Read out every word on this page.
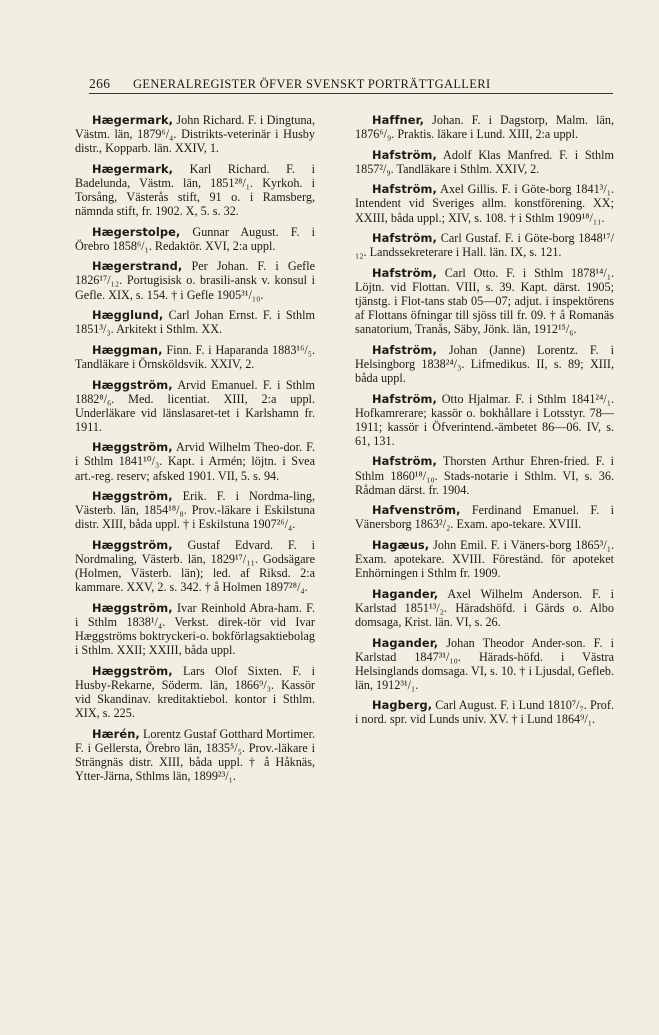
266 GENERALREGISTER ÖFVER SVENSKT PORTRÄTTGALLERI

Hægermark, John Richard. F. i Dingtuna, Västm. län, 1879⁶/₄. Distrikts-veterinär i Husby distr., Kopparb. län. XXIV, 1.

Hægermark, Karl Richard. F. i Badelunda, Västm. län, 1851²⁸/₁. Kyrkoh. i Torsång, Västerås stift, 91 o. i Ramsberg, nämnda stift, fr. 1902. X, 5. s. 32.

Hægerstolpe, Gunnar August. F. i Örebro 1858⁶/₁. Redaktör. XVI, 2:a uppl.

Hægerstrand, Per Johan. F. i Gefle 1826¹⁷/₁₂. Portugisisk o. brasili-ansk v. konsul i Gefle. XIX, s. 154. † i Gefle 1905³¹/₁₀.

Hægglund, Carl Johan Ernst. F. i Sthlm 1851³/₃. Arkitekt i Sthlm. XX.

Hæggman, Finn. F. i Haparanda 1883¹⁶/₅. Tandläkare i Örnsköldsvik. XXIV, 2.

Hæggström, Arvid Emanuel. F. i Sthlm 1882⁸/₆. Med. licentiat. XIII, 2:a uppl. Underläkare vid länslasaret-tet i Karlshamn fr. 1911.

Hæggström, Arvid Wilhelm Theo-dor. F. i Sthlm 1841¹⁰/₃. Kapt. i Armén; löjtn. i Svea art.-reg. reserv; afsked 1901. VII, 5. s. 94.

Hæggström, Erik. F. i Nordma-ling, Västerb. län, 1854¹⁸/₈. Prov.-läkare i Eskilstuna distr. XIII, båda uppl. † i Eskilstuna 1907²⁶/₄.

Hæggström, Gustaf Edvard. F. i Nordmaling, Västerb. län, 1829¹⁷/₁₁. Godsägare (Holmen, Västerb. län); led. af Riksd. 2:a kammare. XXV, 2. s. 342. † å Holmen 1897²⁸/₄.

Hæggström, Ivar Reinhold Abra-ham. F. i Sthlm 1838¹/₄. Verkst. direk-tör vid Ivar Hæggströms boktryckeri-o. bokförlagsaktiebolag i Sthlm. XXII; XXIII, båda uppl.

Hæggström, Lars Olof Sixten. F. i Husby-Rekarne, Söderm. län, 1866⁹/₃. Kassör vid Skandinav. kreditaktiebol. kontor i Sthlm. XIX, s. 225.

Hærén, Lorentz Gustaf Gotthard Mortimer. F. i Gellersta, Örebro län, 1835⁵/₅. Prov.-läkare i Strängnäs distr. XIII, båda uppl. † å Håknäs, Ytter-Järna, Sthlms län, 1899²³/₁.

Haffner, Johan. F. i Dagstorp, Malm. län, 1876⁶/₉. Praktis. läkare i Lund. XIII, 2:a uppl.

Hafström, Adolf Klas Manfred. F. i Sthlm 1857²/₉. Tandläkare i Sthlm. XXIV, 2.

Hafström, Axel Gillis. F. i Göte-borg 1841³/₁. Intendent vid Sveriges allm. konstförening. XX; XXIII, båda uppl.; XIV, s. 108. † i Sthlm 1909¹⁸/₁₁.

Hafström, Carl Gustaf. F. i Göte-borg 1848¹⁷/₁₂. Landssekreterare i Hall. län. IX, s. 121.

Hafström, Carl Otto. F. i Sthlm 1878¹⁴/₁. Löjtn. vid Flottan. VIII, s. 39. Kapt. därst. 1905; tjänstg. i Flot-tans stab 05—07; adjut. i inspektörens af Flottans öfningar till sjöss till fr. 09. † å Romanäs sanatorium, Tranås, Säby, Jönk. län, 1912¹⁵/₆.

Hafström, Johan (Janne) Lorentz. F. i Helsingborg 1838²⁴/₃. Lifmedikus. II, s. 89; XIII, båda uppl.

Hafström, Otto Hjalmar. F. i Sthlm 1841²⁴/₁. Hofkamrerare; kassör o. bokhållare i Lotsstyr. 78—1911; kassör i Öfverintend.-ämbetet 86—06. IV, s. 61, 131.

Hafström, Thorsten Arthur Ehren-fried. F. i Sthlm 1860¹⁸/₁₀. Stads-notarie i Sthlm. VI, s. 36. Rådman därst. fr. 1904.

Hafvenström, Ferdinand Emanuel. F. i Vänersborg 1863²/₂. Exam. apo-tekare. XVIII.

Hagæus, John Emil. F. i Väners-borg 1865³/₁. Exam. apotekare. XVIII. Föreständ. för apoteket Enhörningen i Sthlm fr. 1909.

Hagander, Axel Wilhelm Anderson. F. i Karlstad 1851¹³/₂. Häradshöfd. i Gärds o. Albo domsaga, Krist. län. VI, s. 26.

Hagander, Johan Theodor Ander-son. F. i Karlstad 1847³¹/₁₀. Härads-höfd. i Västra Helsinglands domsaga. VI, s. 10. † i Ljusdal, Gefleb. län, 1912³¹/₁.

Hagberg, Carl August. F. i Lund 1810⁷/₇. Prof. i nord. spr. vid Lunds univ. XV. † i Lund 1864⁹/₁.
